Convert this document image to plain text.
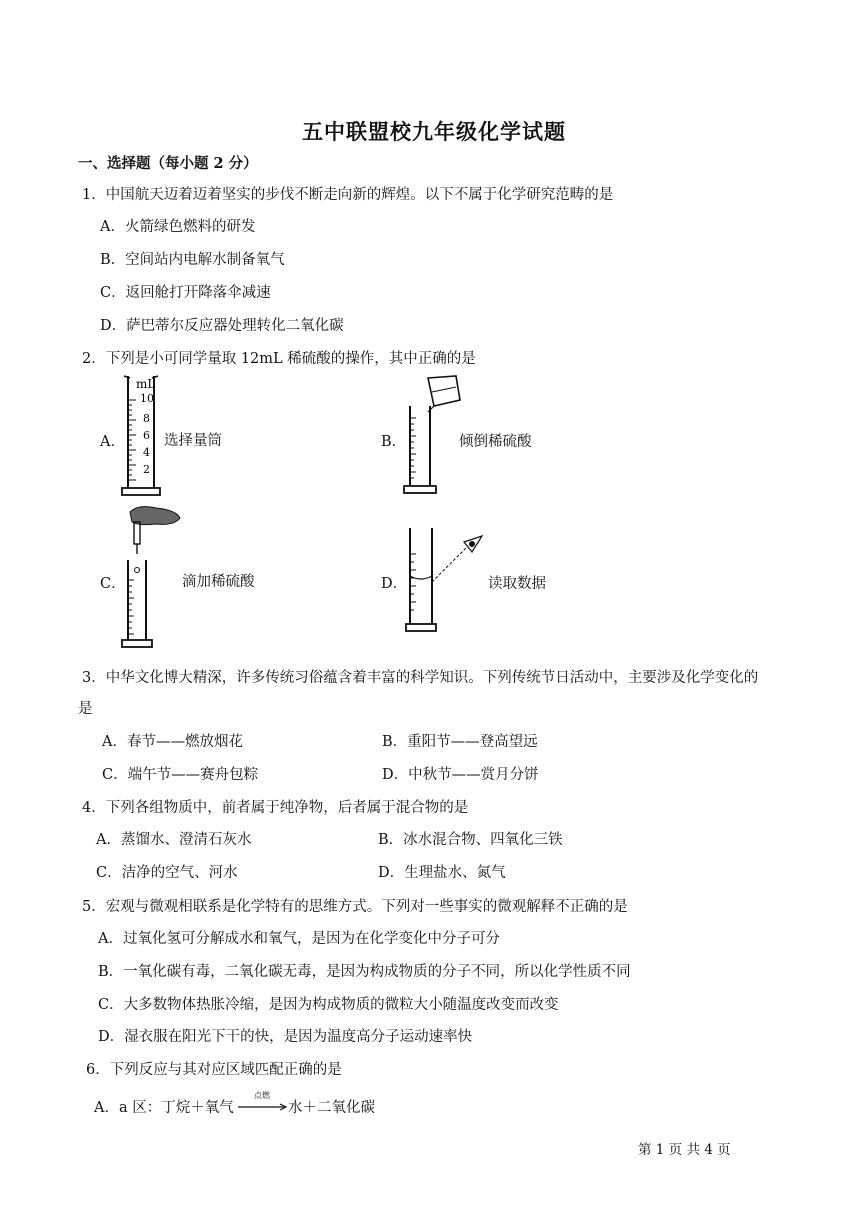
五中联盟校九年级化学试题
一、选择题（每小题 2 分）
1．中国航天迈着迈着坚实的步伐不断走向新的辉煌。以下不属于化学研究范畴的是
A．火箭绿色燃料的研发
B．空间站内电解水制备氧气
C．返回舱打开降落伞减速
D．萨巴蒂尔反应器处理转化二氧化碳
2．下列是小可同学量取 12mL 稀硫酸的操作，其中正确的是
A．
mL
10
8
6
4
2
选择量筒	B．	倾倒稀硫酸
C．	滴加稀硫酸	D．	读取数据
3．中华文化博大精深，许多传统习俗蕴含着丰富的科学知识。下列传统节日活动中，主要涉及化学变化的
是
A．春节——燃放烟花	B．重阳节——登高望远
C．端午节——赛舟包粽	D．中秋节——赏月分饼
4．下列各组物质中，前者属于纯净物，后者属于混合物的是
A．蒸馏水、澄清石灰水	B．冰水混合物、四氧化三铁
C．洁净的空气、河水	D．生理盐水、氮气
5．宏观与微观相联系是化学特有的思维方式。下列对一些事实的微观解释不正确的是
A．过氧化氢可分解成水和氧气，是因为在化学变化中分子可分
B．一氧化碳有毒，二氧化碳无毒，是因为构成物质的分子不同，所以化学性质不同
C．大多数物体热胀冷缩，是因为构成物质的微粒大小随温度改变而改变
D．湿衣服在阳光下干的快，是因为温度高分子运动速率快
6．下列反应与其对应区域匹配正确的是
A．a 区：丁烷＋氧气
点燃
→ 水＋二氧化碳
第 1 页 共 4 页
